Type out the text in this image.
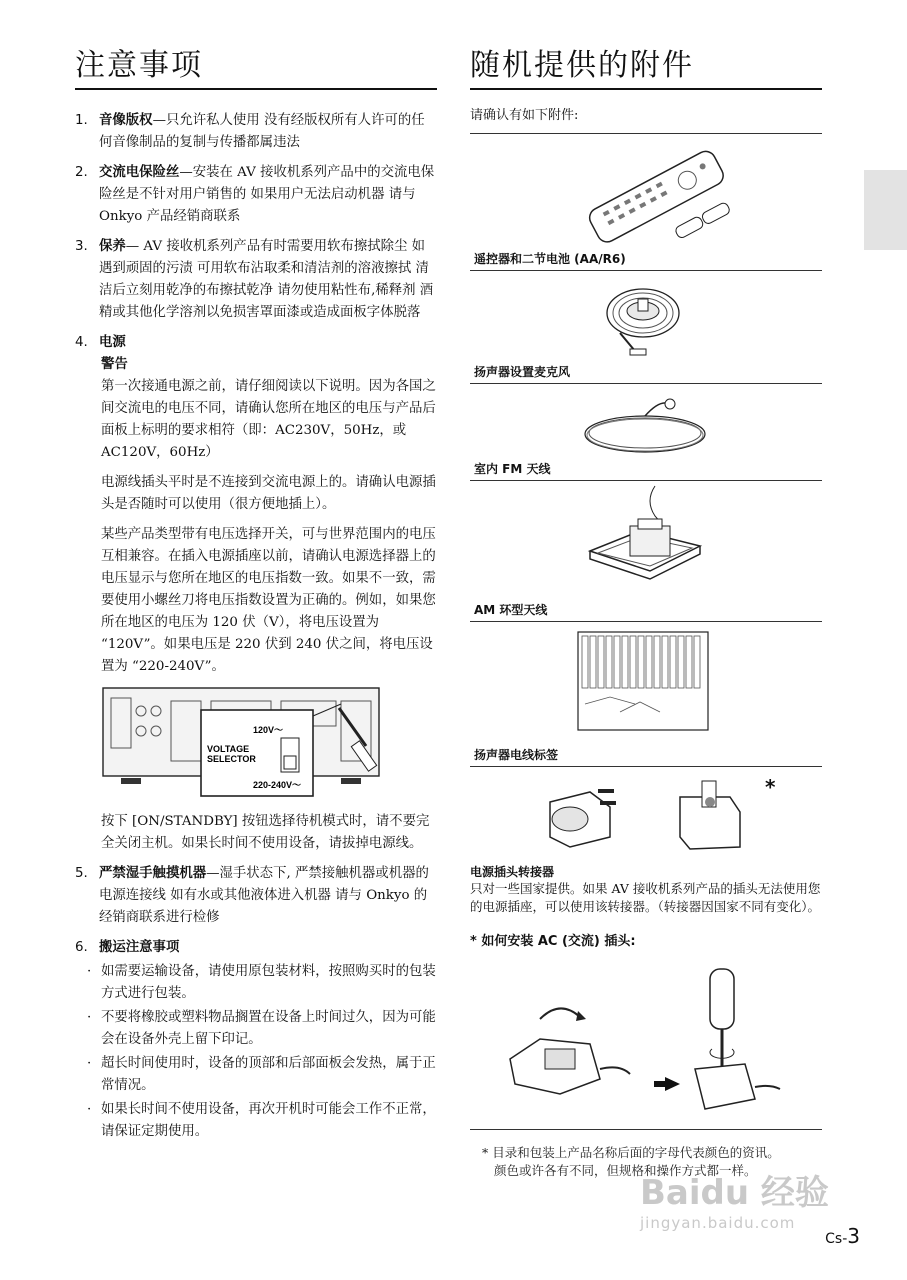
注意事项
1. 音像版权—只允许私人使用 没有经版权所有人许可的任何音像制品的复制与传播都属违法
2. 交流电保险丝—安装在 AV 接收机系列产品中的交流电保险丝是不针对用户销售的 如果用户无法启动机器 请与 Onkyo 产品经销商联系
3. 保养— AV 接收机系列产品有时需要用软布擦拭除尘 如遇到顽固的污渍 可用软布沾取柔和清洁剂的溶液擦拭 清洁后立刻用乾净的布擦拭乾净 请勿使用粘性布,稀释剂 酒精或其他化学溶剂以免损害罩面漆或造成面板字体脱落
4. 电源
警告

第一次接通电源之前，请仔细阅读以下说明。因为各国之间交流电的电压不同，请确认您所在地区的电压与产品后面板上标明的要求相符（即：AC230V，50Hz，或 AC120V，60Hz）

电源线插头平时是不连接到交流电源上的。请确认电源插头是否随时可以使用（很方便地插上）。

某些产品类型带有电压选择开关，可与世界范围内的电压互相兼容。在插入电源插座以前，请确认电源选择器上的电压显示与您所在地区的电压指数一致。如果不一致，需要使用小螺丝刀将电压指数设置为正确的。例如，如果您所在地区的电压为 120 伏（V），将电压设置为 “120V”。如果电压是 220 伏到 240 伏之间，将电压设置为 “220-240V”。

120V～
VOLTAGE
SELECTOR
220-240V～

按下 [ON/STANDBY] 按钮选择待机模式时，请不要完全关闭主机。如果长时间不使用设备，请拔掉电源线。

5. 严禁湿手触摸机器—湿手状态下, 严禁接触机器或机器的电源连接线 如有水或其他液体进入机器 请与 Onkyo 的经销商联系进行检修
6. 搬运注意事项
· 如需要运输设备，请使用原包装材料，按照购买时的包装方式进行包装。
· 不要将橡胶或塑料物品搁置在设备上时间过久，因为可能会在设备外壳上留下印记。
· 超长时间使用时，设备的顶部和后部面板会发热，属于正常情况。
· 如果长时间不使用设备，再次开机时可能会工作不正常，请保证定期使用。
随机提供的附件
请确认有如下附件:
遥控器和二节电池 (AA/R6)
扬声器设置麦克风
室内 FM 天线
AM 环型天线
扬声器电线标签
*
电源插头转接器
只对一些国家提供。如果 AV 接收机系列产品的插头无法使用您的电源插座，可以使用该转接器。（转接器因国家不同有变化）。
* 如何安装 AC (交流) 插头:
* 目录和包装上产品名称后面的字母代表颜色的资讯。
颜色或许各有不同，但规格和操作方式都一样。
Baidu 经验
jingyan.baidu.com
Cs-3
